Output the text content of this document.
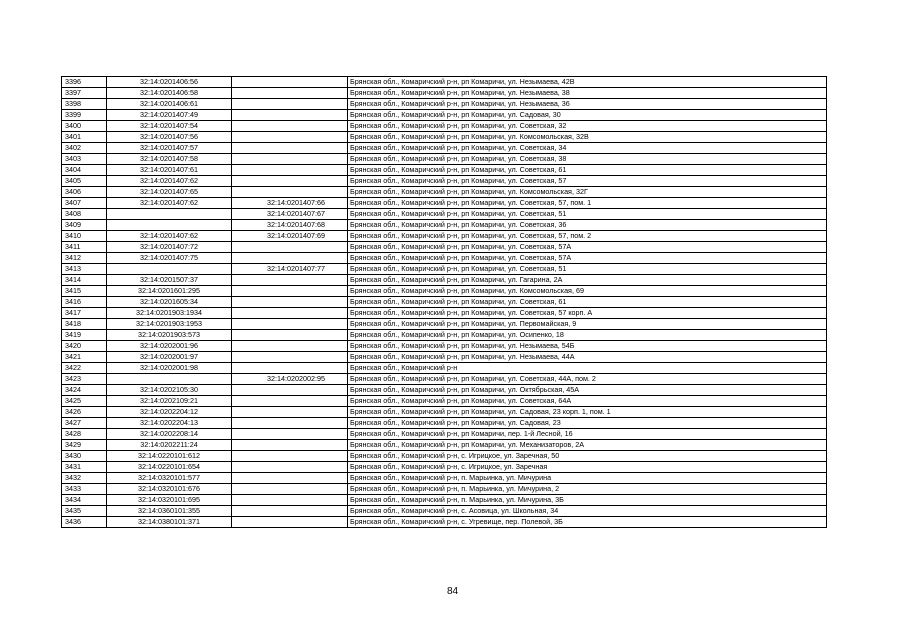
3396	32:14:0201406:56		Брянская обл., Комаричский р-н, рп Комаричи, ул. Незымаева, 42В
3397	32:14:0201406:58		Брянская обл., Комаричский р-н, рп Комаричи, ул. Незымаева, 38
3398	32:14:0201406:61		Брянская обл., Комаричский р-н, рп Комаричи, ул. Незымаева, 36
3399	32:14:0201407:49		Брянская обл., Комаричский р-н, рп Комаричи, ул. Садовая, 30
3400	32:14:0201407:54		Брянская обл., Комаричский р-н, рп Комаричи, ул. Советская, 32
3401	32:14:0201407:56		Брянская обл., Комаричский р-н, рп Комаричи, ул. Комсомольская, 32В
3402	32:14:0201407:57		Брянская обл., Комаричский р-н, рп Комаричи, ул. Советская, 34
3403	32:14:0201407:58		Брянская обл., Комаричский р-н, рп Комаричи, ул. Советская, 38
3404	32:14:0201407:61		Брянская обл., Комаричский р-н, рп Комаричи, ул. Советская, 61
3405	32:14:0201407:62		Брянская обл., Комаричский р-н, рп Комаричи, ул. Советская, 57
3406	32:14:0201407:65		Брянская обл., Комаричский р-н, рп Комаричи, ул. Комсомольская, 32Г
3407	32:14:0201407:62	32:14:0201407:66	Брянская обл., Комаричский р-н, рп Комаричи, ул. Советская, 57, пом. 1
3408		32:14:0201407:67	Брянская обл., Комаричский р-н, рп Комаричи, ул. Советская, 51
3409		32:14:0201407:68	Брянская обл., Комаричский р-н, рп Комаричи, ул. Советская, 36
3410	32:14:0201407:62	32:14:0201407:69	Брянская обл., Комаричский р-н, рп Комаричи, ул. Советская, 57, пом. 2
3411	32:14:0201407:72		Брянская обл., Комаричский р-н, рп Комаричи, ул. Советская, 57А
3412	32:14:0201407:75		Брянская обл., Комаричский р-н, рп Комаричи, ул. Советская, 57А
3413		32:14:0201407:77	Брянская обл., Комаричский р-н, рп Комаричи, ул. Советская, 51
3414	32:14:0201507:37		Брянская обл., Комаричский р-н, рп Комаричи, ул. Гагарина, 2А
3415	32:14:0201601:295		Брянская обл., Комаричский р-н, рп Комаричи, ул. Комсомольская, 69
3416	32:14:0201605:34		Брянская обл., Комаричский р-н, рп Комаричи, ул. Советская, 61
3417	32:14:0201903:1934		Брянская обл., Комаричский р-н, рп Комаричи, ул. Советская, 57 корп. А
3418	32:14:0201903:1953		Брянская обл., Комаричский р-н, рп Комаричи, ул. Первомайская, 9
3419	32:14:0201903:573		Брянская обл., Комаричский р-н, рп Комаричи, ул. Осипенко, 18
3420	32:14:0202001:96		Брянская обл., Комаричский р-н, рп Комаричи, ул. Незымаева, 54Б
3421	32:14:0202001:97		Брянская обл., Комаричский р-н, рп Комаричи, ул. Незымаева, 44А
3422	32:14:0202001:98		Брянская обл., Комаричский р-н
3423		32:14:0202002:95	Брянская обл., Комаричский р-н, рп Комаричи, ул. Советская, 44А, пом. 2
3424	32:14:0202105:30		Брянская обл., Комаричский р-н, рп Комаричи, ул. Октябрьская, 45А
3425	32:14:0202109:21		Брянская обл., Комаричский р-н, рп Комаричи, ул. Советская, 64А
3426	32:14:0202204:12		Брянская обл., Комаричский р-н, рп Комаричи, ул. Садовая, 23 корп. 1, пом. 1
3427	32:14:0202204:13		Брянская обл., Комаричский р-н, рп Комаричи, ул. Садовая, 23
3428	32:14:0202208:14		Брянская обл., Комаричский р-н, рп Комаричи, пер. 1-й Лесной, 16
3429	32:14:0202211:24		Брянская обл., Комаричский р-н, рп Комаричи, ул. Механизаторов, 2А
3430	32:14:0220101:612		Брянская обл., Комаричский р-н, с. Игрицкое, ул. Заречная, 50
3431	32:14:0220101:654		Брянская обл., Комаричский р-н, с. Игрицкое, ул. Заречная
3432	32:14:0320101:577		Брянская обл., Комаричский р-н, п. Марьинка, ул. Мичурина
3433	32:14:0320101:676		Брянская обл., Комаричский р-н, п. Марьинка, ул. Мичурина, 2
3434	32:14:0320101:695		Брянская обл., Комаричский р-н, п. Марьинка, ул. Мичурина, 3Б
3435	32:14:0360101:355		Брянская обл., Комаричский р-н, с. Асовица, ул. Школьная, 34
3436	32:14:0380101:371		Брянская обл., Комаричский р-н, с. Угревище, пер. Полевой, 3Б
84
